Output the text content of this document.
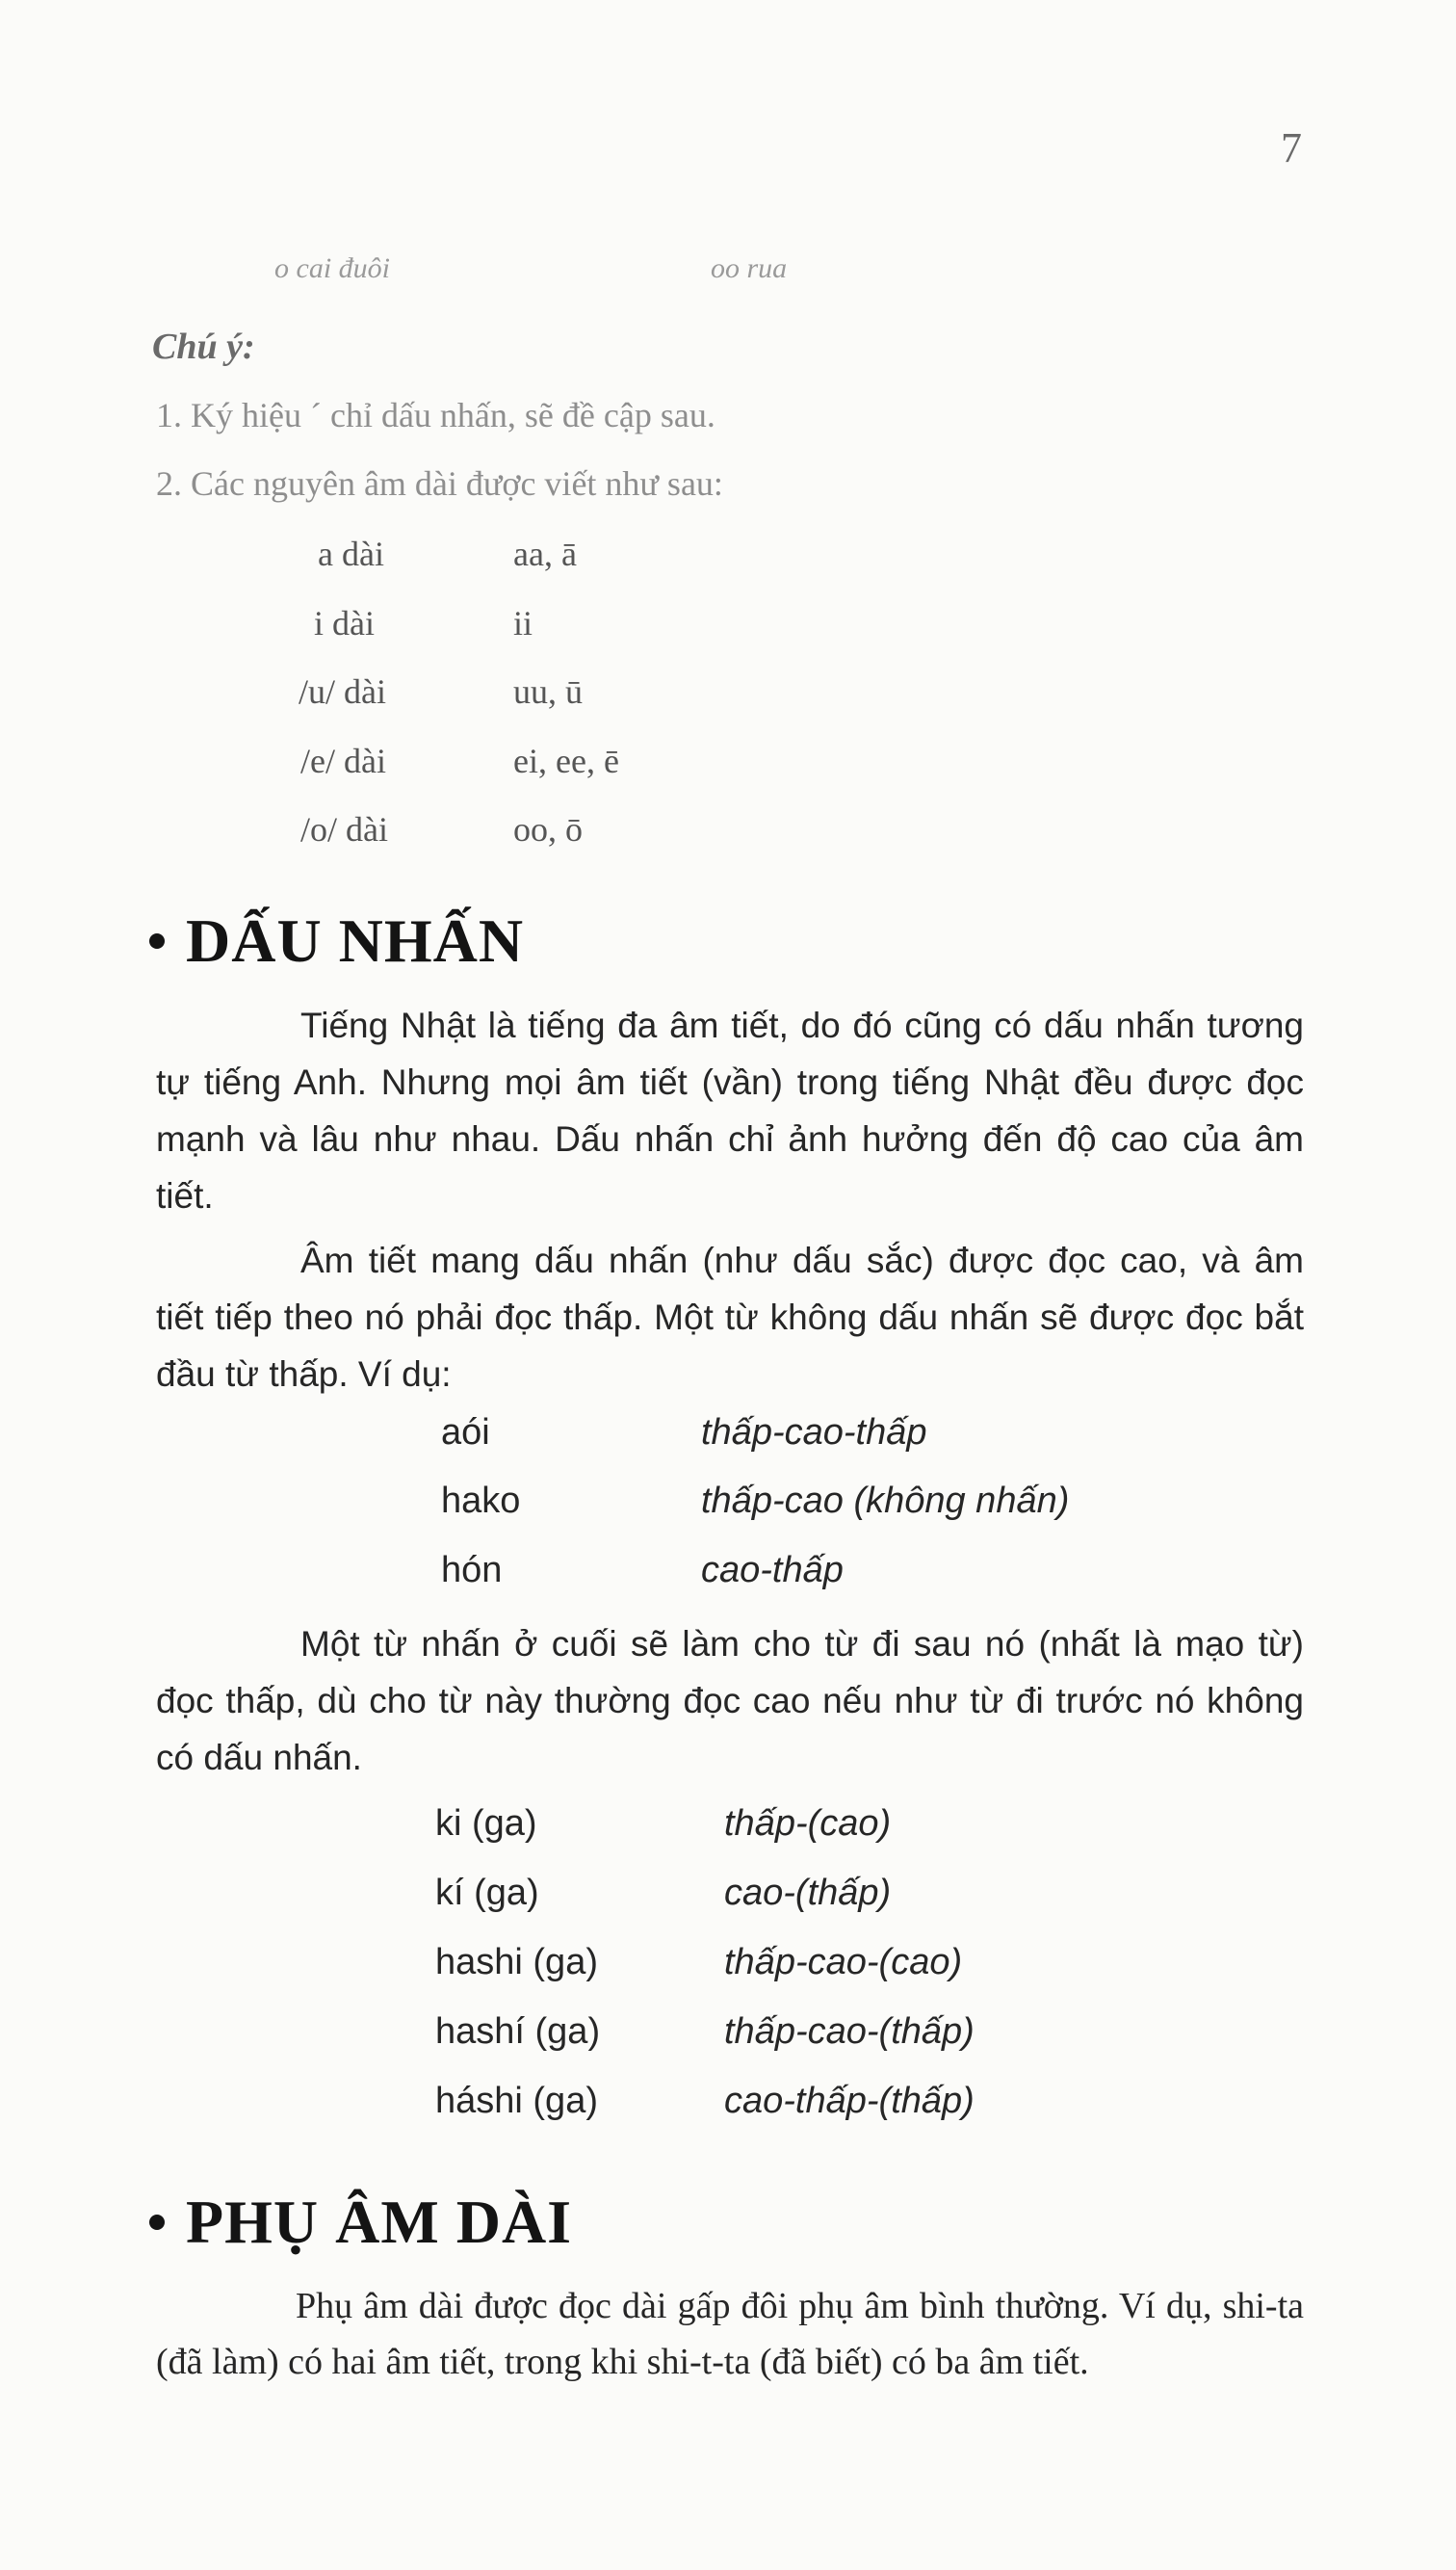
7
o cai đuôi	oo rua
Chú ý:
1. Ký hiệu ´ chỉ dấu nhấn, sẽ đề cập sau.
2. Các nguyên âm dài được viết như sau:
a dài	aa, ā
i dài	ii
/u/ dài	uu, ū
/e/ dài	ei, ee, ē
/o/ dài	oo, ō
DẤU NHẤN

Tiếng Nhật là tiếng đa âm tiết, do đó cũng có dấu nhấn tương tự tiếng Anh. Nhưng mọi âm tiết (vần) trong tiếng Nhật đều được đọc mạnh và lâu như nhau. Dấu nhấn chỉ ảnh hưởng đến độ cao của âm tiết.

Âm tiết mang dấu nhấn (như dấu sắc) được đọc cao, và âm tiết tiếp theo nó phải đọc thấp. Một từ không dấu nhấn sẽ được đọc bắt đầu từ thấp. Ví dụ:

aói	thấp-cao-thấp
hako	thấp-cao (không nhấn)
hón	cao-thấp

Một từ nhấn ở cuối sẽ làm cho từ đi sau nó (nhất là mạo từ) đọc thấp, dù cho từ này thường đọc cao nếu như từ đi trước nó không có dấu nhấn.

ki (ga)	thấp-(cao)
kí (ga)	cao-(thấp)
hashi (ga)	thấp-cao-(cao)
hashí (ga)	thấp-cao-(thấp)
háshi (ga)	cao-thấp-(thấp)
PHỤ ÂM DÀI

Phụ âm dài được đọc dài gấp đôi phụ âm bình thường. Ví dụ, shi-ta (đã làm) có hai âm tiết, trong khi shi-t-ta (đã biết) có ba âm tiết.
